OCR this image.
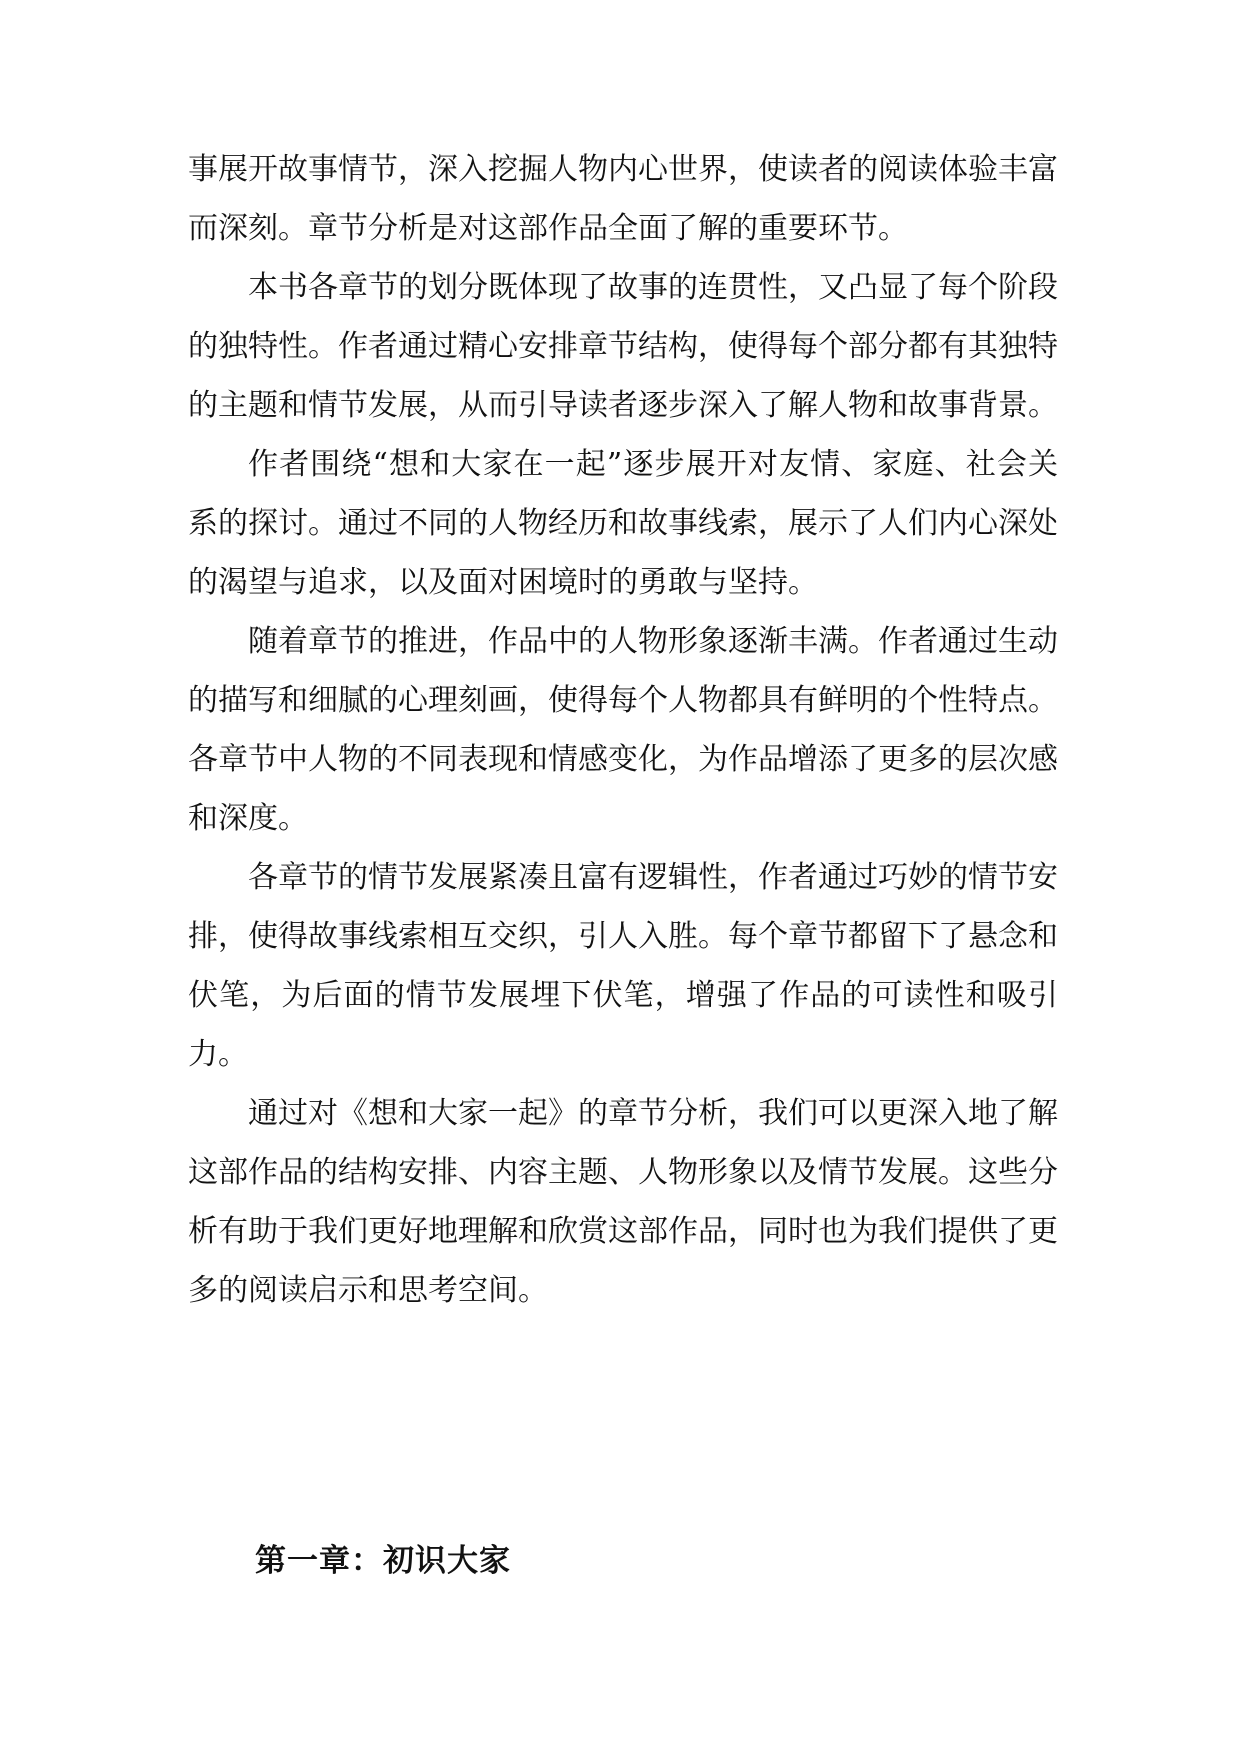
事展开故事情节，深入挖掘人物内心世界，使读者的阅读体验丰富而深刻。章节分析是对这部作品全面了解的重要环节。

本书各章节的划分既体现了故事的连贯性，又凸显了每个阶段的独特性。作者通过精心安排章节结构，使得每个部分都有其独特的主题和情节发展，从而引导读者逐步深入了解人物和故事背景。

作者围绕“想和大家在一起”逐步展开对友情、家庭、社会关系的探讨。通过不同的人物经历和故事线索，展示了人们内心深处的渴望与追求，以及面对困境时的勇敢与坚持。

随着章节的推进，作品中的人物形象逐渐丰满。作者通过生动的描写和细腻的心理刻画，使得每个人物都具有鲜明的个性特点。各章节中人物的不同表现和情感变化，为作品增添了更多的层次感和深度。

各章节的情节发展紧凑且富有逻辑性，作者通过巧妙的情节安排，使得故事线索相互交织，引人入胜。每个章节都留下了悬念和伏笔，为后面的情节发展埋下伏笔，增强了作品的可读性和吸引力。

通过对《想和大家一起》的章节分析，我们可以更深入地了解这部作品的结构安排、内容主题、人物形象以及情节发展。这些分析有助于我们更好地理解和欣赏这部作品，同时也为我们提供了更多的阅读启示和思考空间。

第一章：初识大家
